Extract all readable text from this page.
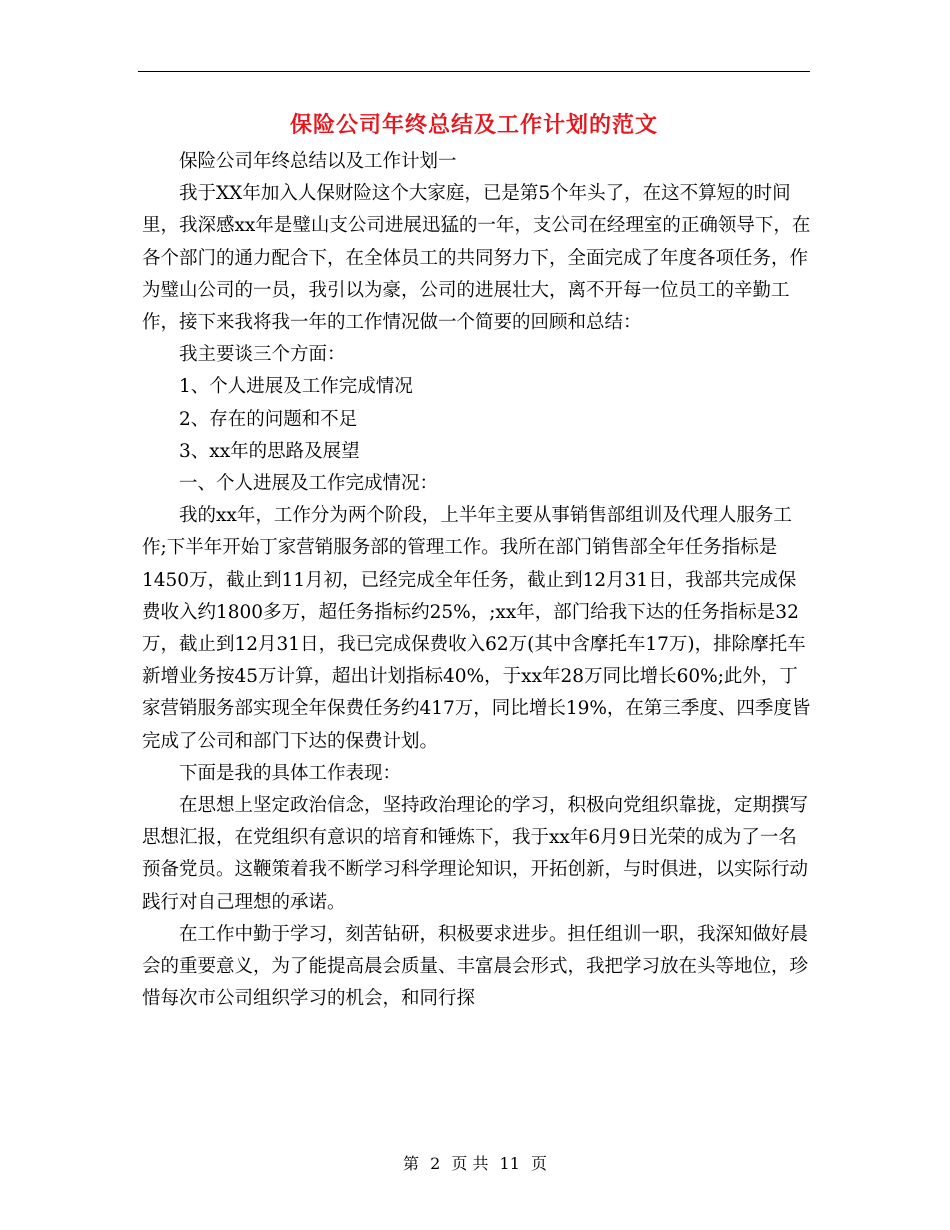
保险公司年终总结及工作计划的范文

保险公司年终总结以及工作计划一

我于XX年加入人保财险这个大家庭，已是第5个年头了，在这不算短的时间里，我深感xx年是璧山支公司进展迅猛的一年，支公司在经理室的正确领导下，在各个部门的通力配合下，在全体员工的共同努力下，全面完成了年度各项任务，作为璧山公司的一员，我引以为豪，公司的进展壮大，离不开每一位员工的辛勤工作，接下来我将我一年的工作情况做一个简要的回顾和总结：

我主要谈三个方面：

1、个人进展及工作完成情况

2、存在的问题和不足

3、xx年的思路及展望

一、个人进展及工作完成情况：

我的xx年，工作分为两个阶段，上半年主要从事销售部组训及代理人服务工作;下半年开始丁家营销服务部的管理工作。我所在部门销售部全年任务指标是1450万，截止到11月初，已经完成全年任务，截止到12月31日，我部共完成保费收入约1800多万，超任务指标约25%，;xx年，部门给我下达的任务指标是32万，截止到12月31日，我已完成保费收入62万(其中含摩托车17万)，排除摩托车新增业务按45万计算，超出计划指标40%，于xx年28万同比增长60%;此外，丁家营销服务部实现全年保费任务约417万，同比增长19%，在第三季度、四季度皆完成了公司和部门下达的保费计划。

下面是我的具体工作表现：

在思想上坚定政治信念，坚持政治理论的学习，积极向党组织靠拢，定期撰写思想汇报，在党组织有意识的培育和锤炼下，我于xx年6月9日光荣的成为了一名预备党员。这鞭策着我不断学习科学理论知识，开拓创新，与时俱进，以实际行动践行对自己理想的承诺。

在工作中勤于学习，刻苦钻研，积极要求进步。担任组训一职，我深知做好晨会的重要意义，为了能提高晨会质量、丰富晨会形式，我把学习放在头等地位，珍惜每次市公司组织学习的机会，和同行探

第 2 页 共 11 页
